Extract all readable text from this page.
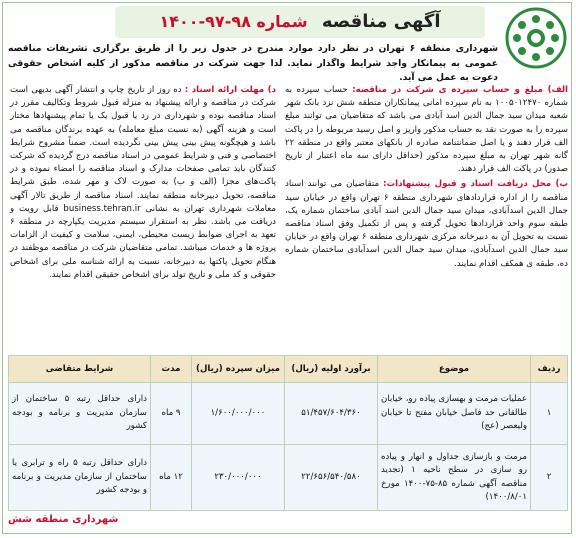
آگهی مناقصه شماره ۹۸-۹۷-۱۴۰۰
شهرداری منطقه ۶ تهران در نظر دارد موارد مندرج در جدول زیر را از طریق برگزاری تشریفات مناقصه عمومی به پیمانکار واجد شرایط واگذار نماید. لذا جهت شرکت در مناقصه مذکور از کلیه اشخاص حقوقی دعوت به عمل می آید.
الف) مبلغ و حساب سپرده ی شرکت در مناقصه: حساب سپرده به شماره ۱۰۰۵۰۱۲۴۷۰ به نام سپرده امانی پیمانکاران منطقه شش نزد بانک شهر شعبه میدان سید جمال الدین اسد آبادی می باشد که متقاضیان می توانند مبلغ سپرده را به صورت نقد به حساب مذکور واریز و اصل رسید مربوطه را در پاکت الف قرار دهند و یا اصل ضمانتنامه صادره از بانکهای معتبر واقع در منطقه ۲۲ گانه شهر تهران به مبلغ سپرده مذکور (حداقل دارای سه ماه اعتبار از تاریخ صدور) در پاکت الف قرار دهند.
ب) محل دریافت اسناد و قبول پیشنهادات: متقاضیان می توانند اسناد مناقصه را از اداره قراردادهای شهرداری منطقه ۶ تهران واقع در خیابان سید جمال الدین اسدآبادی، میدان سید جمال الدین اسد آبادی ساختمان شماره یک، طبقه سوم واحد قراردادها تحویل گرفته و پس از تکمیل وفق اسناد مناقصه نسبت به تحویل آن به دبیرخانه مرکزی شهرداری منطقه ۶ تهران واقع در خیابان سید جمال الدین اسدآبادی، میدان سید جمال الدین اسدآبادی ساختمان شماره ده، طبقه ی همکف اقدام نمایند.
د) مهلت ارائه اسناد : ده روز از تاریخ چاپ و انتشار آگهی بدیهی است شرکت در مناقصه و ارائه پیشنهاد به منزله قبول شروط وتکالیف مقرر در اسناد مناقصه بوده و شهرداری در رد یا قبول یک یا تمام پیشنهادها مختار است و هزینه آگهی (به نسبت مبلغ معامله) به عهده برندگان مناقصه می باشد و هیچگونه پیش بینی پیش بینی نگردیده است. ضمناً مشروح شرایط اختصاصی و فنی و شرایط عمومی در اسناد مناقصه درج گردیده که شرکت کنندگان باید تمامی صفحات مدارک و اسناد مناقصه را امضاء نموده و در پاکت‌های مجزا (الف و ب) به صورت لاک و مهر شده، طبق شرایط مناقصه، تحویل دبیرخانه منطقه نمایند. اسناد مناقصه از طریق تالار آگهی معاملات شهرداری تهران به نشانی business.tehran.ir قابل رویت و دریافت می باشد. نظر به استقرار سیستم مدیریت یکپارچه در منطقه ۶ تعهد به اجرای ضوابط زیست محیطی، ایمنی، سلامت و کیفیت از الزامات پروژه ها و خدمات میباشد. تمامی متقاضیان شرکت در مناقصه موظفند در هنگام تحویل پاکتها به دبیرخانه، نسبت به ارائه شناسه ملی برای اشخاص حقوقی و کد ملی و تاریخ تولد برای اشخاص حقیقی اقدام نمایند.
ردیف	موضوع	برآورد اولیه (ریال)	میزان سپرده (ریال)	مدت	شرایط متقاضی
۱	عملیات مرمت و بهسازی پیاده رو، خیابان طالقانی حد فاصل خیابان مفتح تا خیابان ولیعصر (عج)	۵۱/۴۵۷/۶۰۴/۳۶۰	۱/۶۰۰/۰۰۰/۰۰۰	۹ ماه	دارای حداقل رتبه ۵ ساختمان از سازمان مدیریت و برنامه و بودجه کشور
۲	مرمت و بازسازی جداول و انهار و پیاده رو سازی در سطح ناحیه ۱ (تجدید مناقصه آگهی شماره ۸۵-۷۵-۱۴۰۰ مورخ ۱۴۰۰/۸/۰۱)	۲۲/۶۵۶/۵۴۰/۵۸۰	۲۳۰/۰۰۰/۰۰۰	۱۲ ماه	دارای حداقل رتبه ۵ راه و ترابری یا ساختمان از سازمان مدیریت و برنامه و بودجه کشور
شهرداری منطقه شش
